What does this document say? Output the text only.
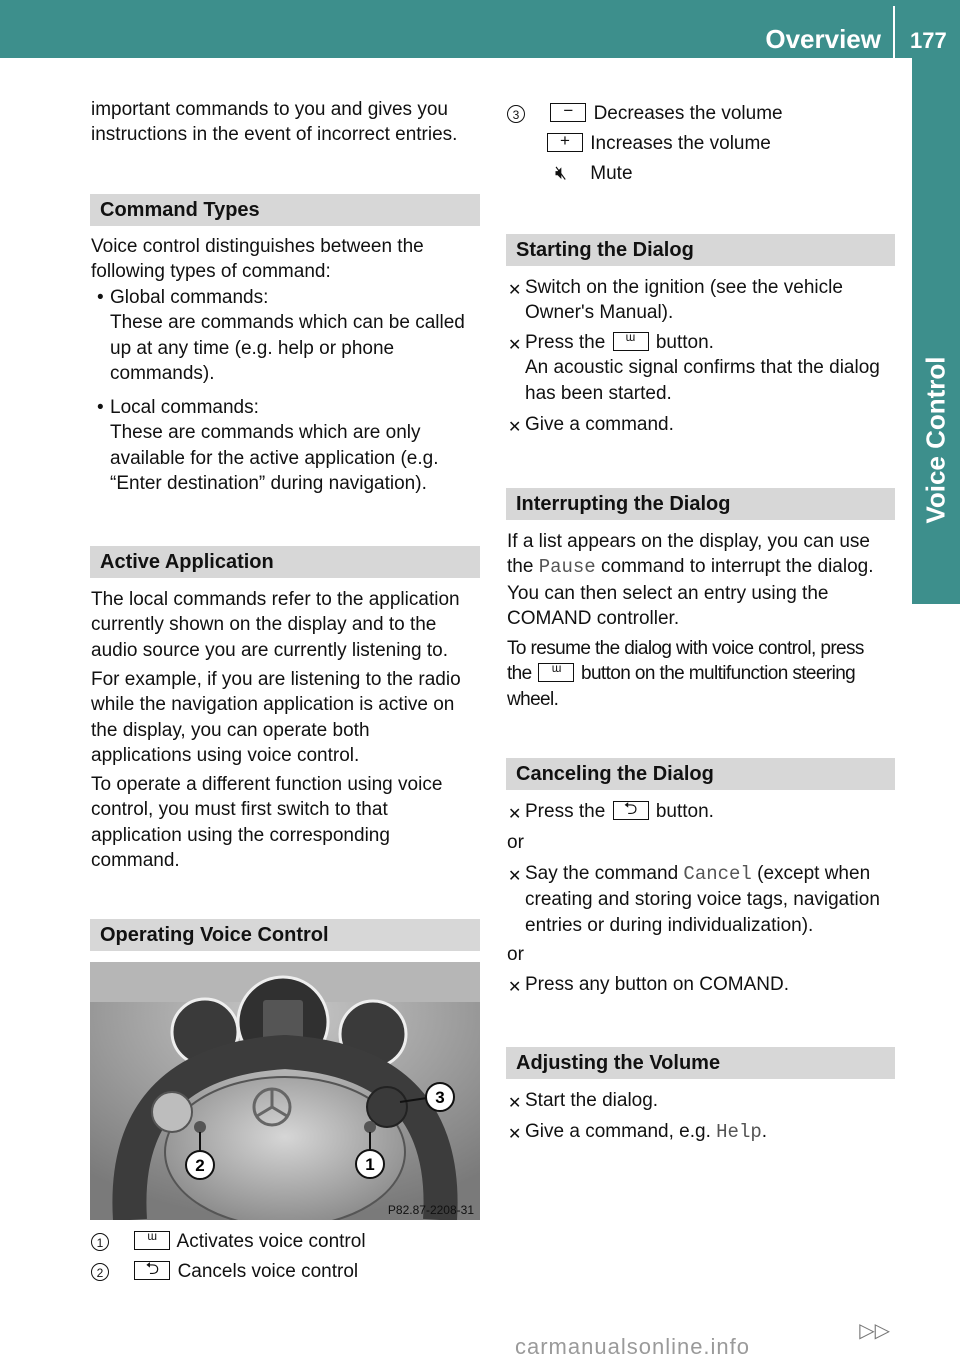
Overview 177
Voice Control
important commands to you and gives you
instructions in the event of incorrect entries.
Command Types
Voice control distinguishes between the
following types of command:
• Global commands:
These are commands which can be called
up at any time (e.g. help or phone
commands).
• Local commands:
These are commands which are only
available for the active application (e.g.
“Enter destination” during navigation).
Active Application
The local commands refer to the application
currently shown on the display and to the
audio source you are currently listening to.
For example, if you are listening to the radio
while the navigation application is active on
the display, you can operate both
applications using voice control.
To operate a different function using voice
control, you must first switch to that
application using the corresponding
command.
Operating Voice Control
2	1
3
P82.87-2208-31
1	ᵚ	Activates voice control
2	⮌ Cancels voice control
3	−	Decreases the volume
+	Increases the volume
🔇︎ Mute
Starting the Dialog
✕ Switch on the ignition (see the vehicle
Owner's Manual).
✕ Press the	ᵚ	button.
An acoustic signal confirms that the dialog
has been started.
✕ Give a command.
Interrupting the Dialog
If a list appears on the display, you can use
the Pause command to interrupt the dialog.
You can then select an entry using the
COMAND controller.
To resume the dialog with voice control, press
the	ᵚ	button on the multifunction steering
wheel.
Canceling the Dialog
✕ Press the	⮌ button.
or
✕ Say the command Cancel (except when
creating and storing voice tags, navigation
entries or during individualization).
or
✕ Press any button on COMAND.
Adjusting the Volume
✕ Start the dialog.
✕ Give a command, e.g. Help.
▷▷
carmanualsonline.info
